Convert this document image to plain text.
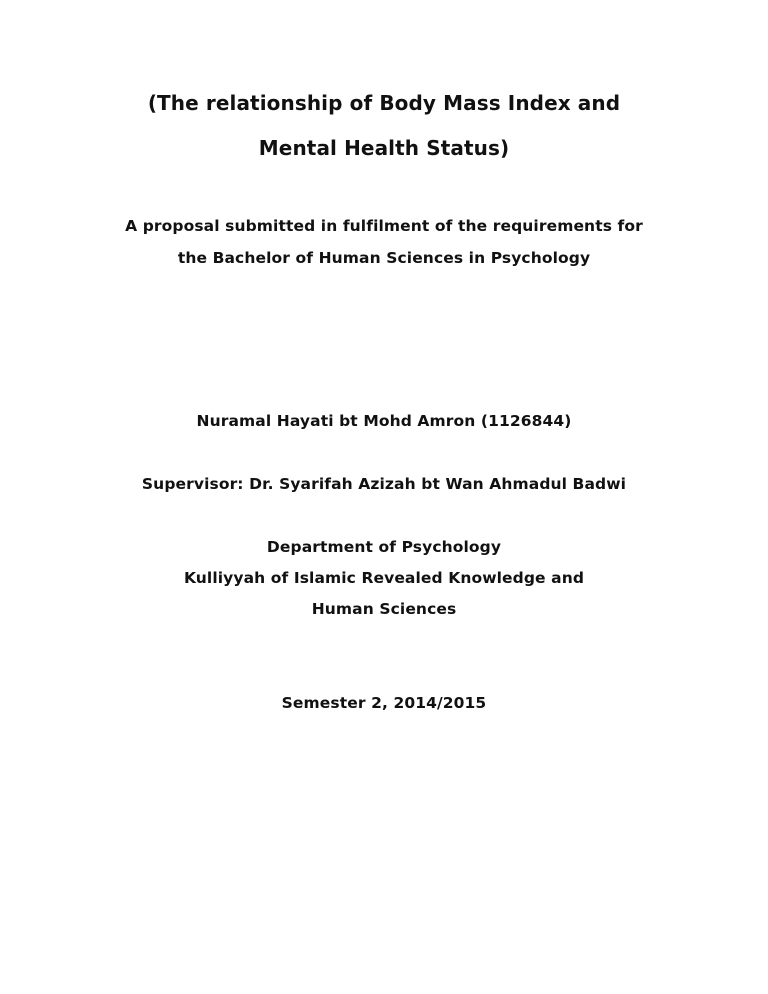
(The relationship of Body Mass Index and
Mental Health Status)

A proposal submitted in fulfilment of the requirements for

the Bachelor of Human Sciences in Psychology

Nuramal Hayati bt Mohd Amron (1126844)

Supervisor: Dr. Syarifah Azizah bt Wan Ahmadul Badwi

Department of Psychology

Kulliyyah of Islamic Revealed Knowledge and

Human Sciences

Semester 2, 2014/2015
